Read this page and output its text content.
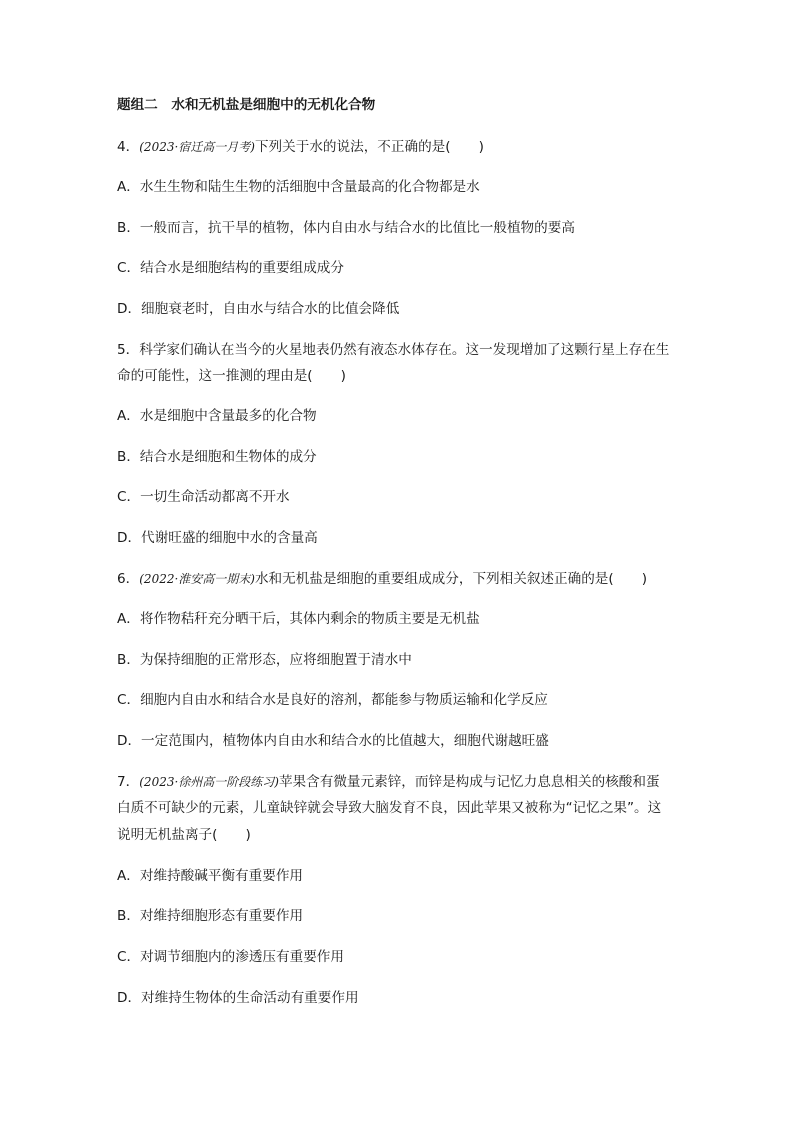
题组二　水和无机盐是细胞中的无机化合物
4．(2023·宿迁高一月考)下列关于水的说法，不正确的是( )
A．水生生物和陆生生物的活细胞中含量最高的化合物都是水
B．一般而言，抗干旱的植物，体内自由水与结合水的比值比一般植物的要高
C．结合水是细胞结构的重要组成成分
D．细胞衰老时，自由水与结合水的比值会降低
5．科学家们确认在当今的火星地表仍然有液态水体存在。这一发现增加了这颗行星上存在生
命的可能性，这一推测的理由是( )
A．水是细胞中含量最多的化合物
B．结合水是细胞和生物体的成分
C．一切生命活动都离不开水
D．代谢旺盛的细胞中水的含量高
6．(2022·淮安高一期末)水和无机盐是细胞的重要组成成分，下列相关叙述正确的是( )
A．将作物秸秆充分晒干后，其体内剩余的物质主要是无机盐
B．为保持细胞的正常形态，应将细胞置于清水中
C．细胞内自由水和结合水是良好的溶剂，都能参与物质运输和化学反应
D．一定范围内，植物体内自由水和结合水的比值越大，细胞代谢越旺盛
7．(2023·徐州高一阶段练习)苹果含有微量元素锌，而锌是构成与记忆力息息相关的核酸和蛋
白质不可缺少的元素，儿童缺锌就会导致大脑发育不良，因此苹果又被称为“记忆之果”。这
说明无机盐离子( )
A．对维持酸碱平衡有重要作用
B．对维持细胞形态有重要作用
C．对调节细胞内的渗透压有重要作用
D．对维持生物体的生命活动有重要作用
